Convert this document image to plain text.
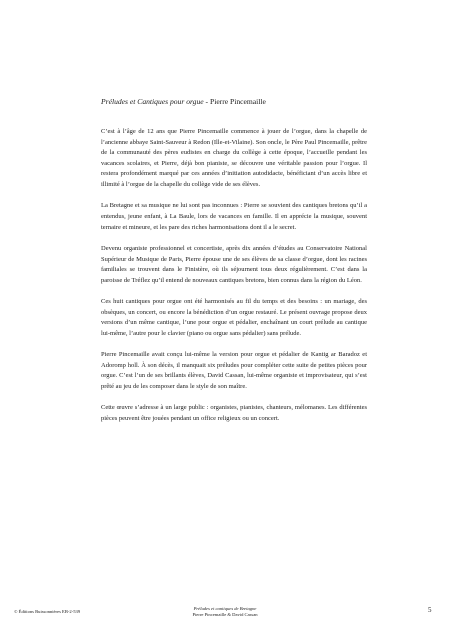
Préludes et Cantiques pour orgue - Pierre Pincemaille

C’est à l’âge de 12 ans que Pierre Pincemaille commence à jouer de l’orgue, dans la chapelle de l’ancienne abbaye Saint-Sauveur à Redon (Ille-et-Vilaine). Son oncle, le Père Paul Pincemaille, prêtre de la communauté des pères eudistes en charge du collège à cette époque, l’accueille pendant les vacances scolaires, et Pierre, déjà bon pianiste, se découvre une véritable passion pour l’orgue. Il restera profondément marqué par ces années d’initiation autodidacte, bénéficiant d’un accès libre et illimité à l’orgue de la chapelle du collège vide de ses élèves.

La Bretagne et sa musique ne lui sont pas inconnues : Pierre se souvient des cantiques bretons qu’il a entendus, jeune enfant, à La Baule, lors de vacances en famille. Il en apprécie la musique, souvent ternaire et mineure, et les pare des riches harmonisations dont il a le secret.

Devenu organiste professionnel et concertiste, après dix années d’études au Conservatoire National Supérieur de Musique de Paris, Pierre épouse une de ses élèves de sa classe d’orgue, dont les racines familiales se trouvent dans le Finistère, où ils séjournent tous deux régulièrement. C’est dans la paroisse de Tréflez qu’il entend de nouveaux cantiques bretons, bien connus dans la région du Léon.

Ces huit cantiques pour orgue ont été harmonisés au fil du temps et des besoins : un mariage, des obsèques, un concert, ou encore la bénédiction d’un orgue restauré. Le présent ouvrage propose deux versions d’un même cantique, l’une pour orgue et pédalier, enchaînant un court prélude au cantique lui-même, l’autre pour le clavier (piano ou orgue sans pédalier) sans prélude.

Pierre Pincemaille avait conçu lui-même la version pour orgue et pédalier de Kantig ar Baradoz et Adoromp holl. À son décès, il manquait six préludes pour compléter cette suite de petites pièces pour orgue. C’est l’un de ses brillants élèves, David Cassan, lui-même organiste et improvisateur, qui s’est prêté au jeu de les composer dans le style de son maître.

Cette œuvre s’adresse à un large public : organistes, pianistes, chanteurs, mélomanes. Les différentes pièces peuvent être jouées pendant un office religieux ou un concert.

© Éditions Buissonnières EB-2-539
Préludes et cantiques de Bretagne
Pierre Pincemaille & David Cassan
5
